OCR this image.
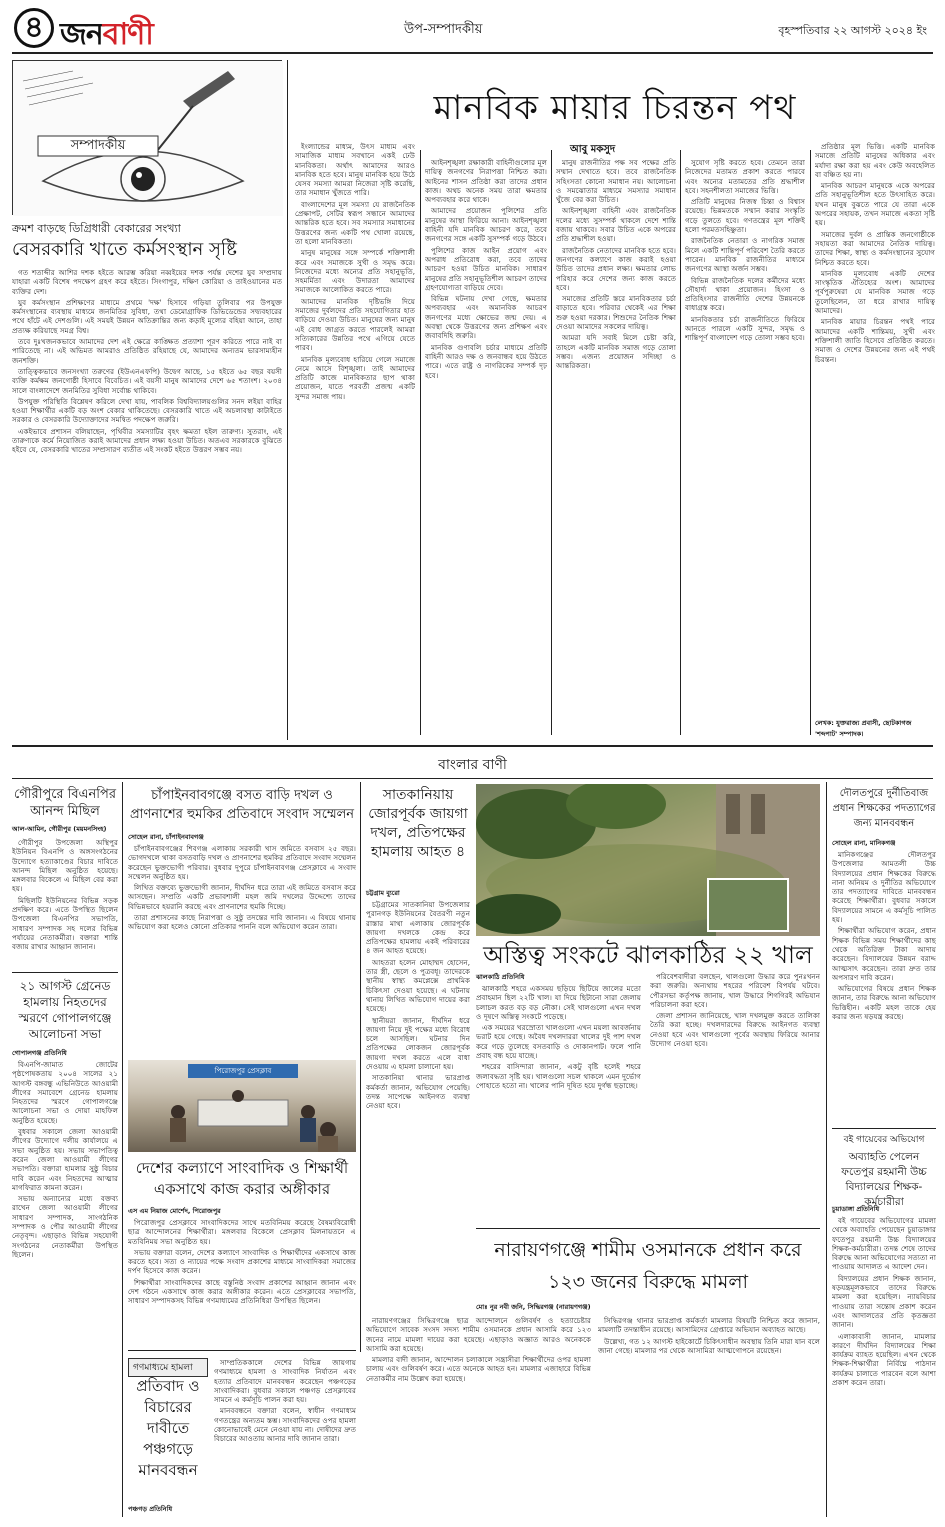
৪ জনবাণী	উপ-সম্পাদকীয়	বৃহস্পতিবার ২২ আগস্ট ২০২৪ ইং
সম্পাদকীয়
ক্রমশ বাড়ছে ডিগ্রিধারী বেকারের সংখ্যা
বেসরকারি খাতে কর্মসংস্থান সৃষ্টি

গত শতাব্দীর আশির দশক হইতে আরম্ভ করিয়া নব্বইয়ের দশক পর্যন্ত দেশের যুব সম্প্রদায় যাহারা একটি বিশেষ পদক্ষেপ গ্রহণ করে হইতে। সিংগাপুর, দক্ষিণ কোরিয়া ও তাইওয়ানের মত ব্যক্তির দেশ।

যুব কর্মসংস্থান প্রশিক্ষণের মাধ্যমে প্রথমে 'দক্ষ' হিসাবে গড়িয়া তুলিবার পর উপযুক্ত কর্মসংস্থানের ব্যবস্থায় মাধ্যমে জনমিতির সুবিধা, তথা ডেমোগ্রাফিক ডিভিডেন্ডের সদ্ব্যবহারের পথে হাঁটে এই দেশগুলি। এই সময়ই উন্নয়ন অতিক্রান্তির জন্য কড়াই মূল্যের বহিয়া আনে, তাহা প্রত্যক্ষ করিয়াছে সমগ্র বিশ্ব।

তবে দুঃখজনকভাবে আমাদের দেশ এই ক্ষেত্রে কাঙ্ক্ষিত প্রত্যাশা পূরণ করিতে পারে নাই বা পারিতেছে না। এই অভিমত আমরাও প্রতিষ্ঠিত রহিয়াছে যে, আমাদের অন্যতম ভারসাম্যহীন জনশক্তি।

তাত্ত্বিকভাবে জনসংখ্যা তরুণের (ইউএনএফপি) উদ্বেগ আছে, ১৫ হইতে ৬৫ বছর বয়সী ব্যক্তি কর্মক্ষম জনগোষ্ঠী হিসাবে বিবেচিত। এই বয়সী মানুষ আমাদের দেশে ৬৫ শতাংশ। ২০৩৪ সালে বাংলাদেশে জনমিতির সুবিধা সর্বোচ্চ থাকিবে।

উপযুক্ত পরিস্থিতি বিশ্লেষণ করিলে দেখা যায়, পাবলিক বিশ্ববিদ্যালয়গুলির সনদ লইয়া বাহির হওয়া শিক্ষার্থীর একটি বড় অংশ বেকার থাকিতেছে। বেসরকারি খাতে এই অচলাবস্থা কাটাইতে সরকার ও বেসরকারি উদ্যোক্তাদের সমন্বিত পদক্ষেপ জরুরি।

একইভাবে প্রশাসন বলিয়াছেন, পৃথিবীর সমস্যাটির বৃহৎ ক্ষমতা হইল তারুণ্য। সুতরাং, এই তারুণ্যকে কর্মে নিয়োজিত করাই আমাদের প্রধান লক্ষ্য হওয়া উচিত। অতএব সরকারকে বুঝিতে হইবে যে, বেসরকারি খাতের সম্প্রসারণ ব্যতীত এই সংকট হইতে উত্তরণ সম্ভব নয়।

মানবিক মায়ার চিরন্তন পথ
আবু মকসুদ

ইংল্যান্ডের মাধ্যম, উৎস মাধ্যম এবং সামাজিক মাধ্যম সবখানে একই ঢেউ মানবিকতা। অর্থাৎ আমাদের আরও মানবিক হতে হবে। মানুষ মানবিক হয়ে উঠে যেসব সমস্যা আমরা নিজেরা সৃষ্টি করেছি, তার সমাধান খুঁজতে পারি।

বাংলাদেশের মূল সমস্যা যে রাজনৈতিক প্রেক্ষাপট, সেটির স্বরূপ সন্ধানে আমাদের আন্তরিক হতে হবে। সব সমস্যার সমাধানের উত্তরণের জন্য একটি পথ খোলা রয়েছে, তা হলো মানবিকতা।

মানুষ মানুষের সঙ্গে সম্পর্কে শক্তিশালী করে এবং সমাজকে সুখী ও সমৃদ্ধ করে। নিজেদের মধ্যে অন্যের প্রতি সহানুভূতি, সহমর্মিতা এবং উদারতা আমাদের সমাজকে আলোকিত করতে পারে।

আমাদের মানবিক দৃষ্টিভঙ্গি দিয়ে সমাজের দুর্বলদের প্রতি সহযোগিতার হাত বাড়িয়ে দেওয়া উচিত। মানুষের জন্য মানুষ এই বোধ জাগ্রত করতে পারলেই আমরা সত্যিকারের উন্নতির পথে এগিয়ে যেতে পারব।

মানবিক মূল্যবোধ হারিয়ে গেলে সমাজে নেমে আসে বিশৃঙ্খলা। তাই আমাদের প্রতিটি কাজে মানবিকতার ছাপ থাকা প্রয়োজন, যাতে পরবর্তী প্রজন্ম একটি সুন্দর সমাজ পায়।

আইনশৃঙ্খলা রক্ষাকারী বাহিনীগুলোর মূল দায়িত্ব জনগণের নিরাপত্তা নিশ্চিত করা। আইনের শাসন প্রতিষ্ঠা করা তাদের প্রধান কাজ। অথচ অনেক সময় তারা ক্ষমতার অপব্যবহার করে থাকে।

আমাদের প্রয়োজন পুলিশের প্রতি মানুষের আস্থা ফিরিয়ে আনা। আইনশৃঙ্খলা বাহিনী যদি মানবিক আচরণ করে, তবে জনগণের সঙ্গে একটি সুসম্পর্ক গড়ে উঠবে।

পুলিশের কাজ আইন প্রয়োগ এবং অপরাধ প্রতিরোধ করা, তবে তাদের আচরণ হওয়া উচিত মানবিক। সাধারণ মানুষের প্রতি সহানুভূতিশীল আচরণ তাদের গ্রহণযোগ্যতা বাড়িয়ে দেবে।

বিভিন্ন ঘটনায় দেখা গেছে, ক্ষমতার অপব্যবহার এবং অমানবিক আচরণ জনগণের মধ্যে ক্ষোভের জন্ম দেয়। এ অবস্থা থেকে উত্তরণের জন্য প্রশিক্ষণ এবং জবাবদিহি জরুরি।

মানবিক গুণাবলি চর্চার মাধ্যমে প্রতিটি বাহিনী আরও দক্ষ ও জনবান্ধব হয়ে উঠতে পারে। এতে রাষ্ট্র ও নাগরিকের সম্পর্ক দৃঢ় হবে।

মানুষ রাজনীতির পক্ষ সব পক্ষের প্রতি সম্মান দেখাতে হবে। তবে রাজনৈতিক সহিংসতা কোনো সমাধান নয়। আলোচনা ও সমঝোতার মাধ্যমে সমস্যার সমাধান খুঁজে বের করা উচিত।

আইনশৃঙ্খলা বাহিনী এবং রাজনৈতিক দলের মধ্যে সুসম্পর্ক থাকলে দেশে শান্তি বজায় থাকবে। সবার উচিত একে অপরের প্রতি শ্রদ্ধাশীল হওয়া।

রাজনৈতিক নেতাদের মানবিক হতে হবে। জনগণের কল্যাণে কাজ করাই হওয়া উচিত তাদের প্রধান লক্ষ্য। ক্ষমতার লোভ পরিহার করে দেশের জন্য কাজ করতে হবে।

সমাজের প্রতিটি স্তরে মানবিকতার চর্চা বাড়াতে হবে। পরিবার থেকেই এর শিক্ষা শুরু হওয়া দরকার। শিশুদের নৈতিক শিক্ষা দেওয়া আমাদের সকলের দায়িত্ব।

আমরা যদি সবাই মিলে চেষ্টা করি, তাহলে একটি মানবিক সমাজ গড়ে তোলা সম্ভব। এজন্য প্রয়োজন সদিচ্ছা ও আন্তরিকতা।

সুযোগ সৃষ্টি করতে হবে। তেমনে তারা নিজেদের মতামত প্রকাশ করতে পারবে এবং অন্যের মতামতের প্রতি শ্রদ্ধাশীল হবে। সহনশীলতা সমাজের ভিত্তি।

প্রতিটি মানুষের নিজস্ব চিন্তা ও বিশ্বাস রয়েছে। ভিন্নমতকে সম্মান করার সংস্কৃতি গড়ে তুলতে হবে। গণতন্ত্রের মূল শক্তিই হলো পরমতসহিষ্ণুতা।

রাজনৈতিক নেতারা ও নাগরিক সমাজ মিলে একটি শান্তিপূর্ণ পরিবেশ তৈরি করতে পারেন। মানবিক রাজনীতির মাধ্যমে জনগণের আস্থা অর্জন সম্ভব।

বিভিন্ন রাজনৈতিক দলের কর্মীদের মধ্যে সৌহার্দ্য থাকা প্রয়োজন। হিংসা ও প্রতিহিংসার রাজনীতি দেশের উন্নয়নকে বাধাগ্রস্ত করে।

মানবিকতার চর্চা রাজনীতিতে ফিরিয়ে আনতে পারলে একটি সুন্দর, সমৃদ্ধ ও শান্তিপূর্ণ বাংলাদেশ গড়ে তোলা সম্ভব হবে।

প্রতিষ্ঠার মূল ভিত্তি। একটি মানবিক সমাজে প্রতিটি মানুষের অধিকার এবং মর্যাদা রক্ষা করা হয় এবং কেউ অবহেলিত বা বঞ্চিত হয় না।

মানবিক আচরণ মানুষকে একে অপরের প্রতি সহানুভূতিশীল হতে উৎসাহিত করে। যখন মানুষ বুঝতে পারে যে তারা একে অপরের সহায়ক, তখন সমাজে একতা সৃষ্টি হয়।

সমাজের দুর্বল ও প্রান্তিক জনগোষ্ঠীকে সহায়তা করা আমাদের নৈতিক দায়িত্ব। তাদের শিক্ষা, স্বাস্থ্য ও কর্মসংস্থানের সুযোগ নিশ্চিত করতে হবে।

মানবিক মূল্যবোধ একটি দেশের সাংস্কৃতিক ঐতিহ্যের অংশ। আমাদের পূর্বপুরুষেরা যে মানবিক সমাজ গড়ে তুলেছিলেন, তা ধরে রাখার দায়িত্ব আমাদের।

মানবিক মায়ার চিরন্তন পথই পারে আমাদের একটি শান্তিময়, সুখী এবং শক্তিশালী জাতি হিসেবে প্রতিষ্ঠিত করতে। সমাজ ও দেশের উন্নয়নের জন্য এই পথই চিরন্তন।

লেখক: যুক্তরাজ্য প্রবাসী, ছোটকাগজ 'শব্দপাট' সম্পাদক।
বাংলার বাণী
গৌরীপুরে বিএনপির আনন্দ মিছিল
আল-আমিন, গৌরীপুর (ময়মনসিংহ)

গৌরীপুর উপজেলা অস্থিপুর ইউনিয়ন বিএনপি ও অঙ্গসংগঠনের উদ্যোগে হত্যাকাণ্ডের বিচার দাবিতে আনন্দ মিছিল অনুষ্ঠিত হয়েছে। মঙ্গলবার বিকেলে এ মিছিল বের করা হয়।

মিছিলটি ইউনিয়নের বিভিন্ন সড়ক প্রদক্ষিণ করে। এতে উপস্থিত ছিলেন উপজেলা বিএনপির সভাপতি, সাধারণ সম্পাদক সহ দলের বিভিন্ন পর্যায়ের নেতাকর্মীরা। বক্তারা শান্তি বজায় রাখার আহ্বান জানান।

২১ আগস্ট গ্রেনেড হামলায় নিহতদের স্মরণে গোপালগঞ্জে আলোচনা সভা
গোপালগঞ্জ প্রতিনিধি

বিএনপি-জামাত জোটের পৃষ্ঠপোষকতায় ২০০৪ সালের ২১ আগস্ট বঙ্গবন্ধু এভিনিউতে আওয়ামী লীগের সমাবেশে গ্রেনেড হামলায় নিহতদের স্মরণে গোপালগঞ্জে আলোচনা সভা ও দোয়া মাহফিল অনুষ্ঠিত হয়েছে।

বুধবার সকালে জেলা আওয়ামী লীগের উদ্যোগে দলীয় কার্যালয়ে এ সভা অনুষ্ঠিত হয়। সভায় সভাপতিত্ব করেন জেলা আওয়ামী লীগের সভাপতি। বক্তারা হামলার সুষ্ঠু বিচার দাবি করেন এবং নিহতদের আত্মার মাগফিরাত কামনা করেন।

সভায় অন্যান্যের মধ্যে বক্তব্য রাখেন জেলা আওয়ামী লীগের সাধারণ সম্পাদক, সাংগঠনিক সম্পাদক ও পৌর আওয়ামী লীগের নেতৃবৃন্দ। এছাড়াও বিভিন্ন সহযোগী সংগঠনের নেতাকর্মীরা উপস্থিত ছিলেন।

চাঁপাইনবাবগঞ্জে বসত বাড়ি দখল ও প্রাণনাশের হুমকির প্রতিবাদে সংবাদ সম্মেলন
সোহেল রানা, চাঁপাইনবাবগঞ্জ

চাঁপাইনবাবগঞ্জের শিবগঞ্জ এলাকায় সরকারী খাস জমিতে বসবাস ২৫ বছর। ভোগদখলে থাকা বসতবাড়ি দখল ও প্রাণনাশের হুমকির প্রতিবাদে সংবাদ সম্মেলন করেছেন ভুক্তভোগী পরিবার। বুধবার দুপুরে চাঁপাইনবাবগঞ্জ প্রেসক্লাবে এ সংবাদ সম্মেলন অনুষ্ঠিত হয়।

লিখিত বক্তব্যে ভুক্তভোগী জানান, দীর্ঘদিন ধরে তারা এই জমিতে বসবাস করে আসছেন। সম্প্রতি একটি প্রভাবশালী মহল জমি দখলের উদ্দেশ্যে তাদের বিভিন্নভাবে হয়রানি করছে এবং প্রাণনাশের হুমকি দিচ্ছে।

তারা প্রশাসনের কাছে নিরাপত্তা ও সুষ্ঠু তদন্তের দাবি জানান। এ বিষয়ে থানায় অভিযোগ করা হলেও কোনো প্রতিকার পাননি বলে অভিযোগ করেন তারা।

পিরোজপুর প্রেসক্লাব
দেশের কল্যাণে সাংবাদিক ও শিক্ষার্থী একসাথে কাজ করার অঙ্গীকার
এস এম নিয়াজ মোর্শেদ, পিরোজপুর

পিরোজপুর প্রেসক্লাবে সাংবাদিকদের সাথে মতবিনিময় করেছে বৈষম্যবিরোধী ছাত্র আন্দোলনের শিক্ষার্থীরা। মঙ্গলবার বিকেলে প্রেসক্লাব মিলনায়তনে এ মতবিনিময় সভা অনুষ্ঠিত হয়।

সভায় বক্তারা বলেন, দেশের কল্যাণে সাংবাদিক ও শিক্ষার্থীদের একসাথে কাজ করতে হবে। সত্য ও ন্যায়ের পক্ষে সংবাদ প্রকাশের মাধ্যমে সাংবাদিকরা সমাজের দর্পণ হিসেবে কাজ করেন।

শিক্ষার্থীরা সাংবাদিকদের কাছে বস্তুনিষ্ঠ সংবাদ প্রকাশের আহ্বান জানান এবং দেশ গঠনে একসাথে কাজ করার অঙ্গীকার করেন। এতে প্রেসক্লাবের সভাপতি, সাধারণ সম্পাদকসহ বিভিন্ন গণমাধ্যমের প্রতিনিধিরা উপস্থিত ছিলেন।

গণমাধ্যমে হামলা
প্রতিবাদ ও বিচারের দাবীতে পঞ্চগড়ে মানববন্ধন

সাম্প্রতিককালে দেশের বিভিন্ন জায়গায় গণমাধ্যমে হামলা ও সাংবাদিক নির্যাতন এবং হত্যার প্রতিবাদে মানববন্ধন করেছেন পঞ্চগড়ের সাংবাদিকরা। বুধবার সকালে পঞ্চগড় প্রেসক্লাবের সামনে এ কর্মসূচি পালন করা হয়।

মানববন্ধনে বক্তারা বলেন, স্বাধীন গণমাধ্যম গণতন্ত্রের অন্যতম স্তম্ভ। সাংবাদিকদের ওপর হামলা কোনোভাবেই মেনে নেওয়া যায় না। দোষীদের দ্রুত বিচারের আওতায় আনার দাবি জানান তারা।

পঞ্চগড় প্রতিনিধি
সাতকানিয়ায় জোরপূর্বক জায়গা দখল, প্রতিপক্ষের হামলায় আহত ৪
চট্টগ্রাম ব্যুরো

চট্টগ্রামের সাতকানিয়া উপজেলার পুরানগড় ইউনিয়নের বৈতরণী নতুন রাস্তার মাথা এলাকায় জোরপূর্বক জায়গা দখলকে কেন্দ্র করে প্রতিপক্ষের হামলায় একই পরিবারের ৪ জন আহত হয়েছে।

আহতরা হলেন মোহাম্মদ হোসেন, তার স্ত্রী, ছেলে ও পুত্রবধূ। তাদেরকে স্থানীয় স্বাস্থ্য কমপ্লেক্সে প্রাথমিক চিকিৎসা দেওয়া হয়েছে। এ ঘটনায় থানায় লিখিত অভিযোগ দায়ের করা হয়েছে।

স্থানীয়রা জানান, দীর্ঘদিন ধরে জায়গা নিয়ে দুই পক্ষের মধ্যে বিরোধ চলে আসছিল। ঘটনার দিন প্রতিপক্ষের লোকজন জোরপূর্বক জায়গা দখল করতে এলে বাধা দেওয়ায় এ হামলা চালানো হয়।

সাতকানিয়া থানার ভারপ্রাপ্ত কর্মকর্তা জানান, অভিযোগ পেয়েছি। তদন্ত সাপেক্ষে আইনগত ব্যবস্থা নেওয়া হবে।

অস্তিত্ব সংকটে ঝালকাঠির ২২ খাল
ঝালকাঠি প্রতিনিধি

ঝালকাঠি শহরে একসময় ছড়িয়ে ছিটিয়ে জালের মতো প্রবাহমান ছিল ২২টি খাল। যা দিয়ে ছিটানো সারা জেলায় চলাচল করত বড় বড় নৌকা। সেই খালগুলো এখন দখল ও দূষণে অস্তিত্ব সংকটে পড়েছে।

এক সময়ের খরস্রোতা খালগুলো এখন ময়লা আবর্জনায় ভরাট হয়ে গেছে। অবৈধ দখলদাররা খালের দুই পাশ দখল করে গড়ে তুলেছে বসতবাড়ি ও দোকানপাট। ফলে পানি প্রবাহ বন্ধ হয়ে যাচ্ছে।

শহরের বাসিন্দারা জানান, একটু বৃষ্টি হলেই শহরে জলাবদ্ধতা সৃষ্টি হয়। খালগুলো সচল থাকলে এমন দুর্ভোগ পোহাতে হতো না। খালের পানি দূষিত হয়ে দুর্গন্ধ ছড়াচ্ছে।

পরিবেশবাদীরা বলছেন, খালগুলো উদ্ধার করে পুনঃখনন করা জরুরি। অন্যথায় শহরের পরিবেশ বিপর্যয় ঘটবে। পৌরসভা কর্তৃপক্ষ জানায়, খাল উদ্ধারে শিগগিরই অভিযান পরিচালনা করা হবে।

জেলা প্রশাসন জানিয়েছে, খাল দখলমুক্ত করতে তালিকা তৈরি করা হচ্ছে। দখলদারদের বিরুদ্ধে আইনগত ব্যবস্থা নেওয়া হবে এবং খালগুলো পূর্বের অবস্থায় ফিরিয়ে আনার উদ্যোগ নেওয়া হবে।

নারায়ণগঞ্জে শামীম ওসমানকে প্রধান করে ১২৩ জনের বিরুদ্ধে মামলা
মোঃ নুর নবী জনি, সিদ্ধিরগঞ্জ (নারায়ণগঞ্জ)

নারায়ণগঞ্জের সিদ্ধিরগঞ্জে ছাত্র আন্দোলনে গুলিবর্ষণ ও হত্যাচেষ্টার অভিযোগে সাবেক সংসদ সদস্য শামীম ওসমানকে প্রধান আসামি করে ১২৩ জনের নামে মামলা দায়ের করা হয়েছে। এছাড়াও অজ্ঞাত আরও অনেককে আসামি করা হয়েছে।

মামলার বাদী জানান, আন্দোলন চলাকালে সন্ত্রাসীরা শিক্ষার্থীদের ওপর হামলা চালায় এবং গুলিবর্ষণ করে। এতে অনেকে আহত হন। মামলার এজাহারে বিভিন্ন নেতাকর্মীর নাম উল্লেখ করা হয়েছে।

সিদ্ধিরগঞ্জ থানার ভারপ্রাপ্ত কর্মকর্তা মামলার বিষয়টি নিশ্চিত করে জানান, মামলাটি তদন্তাধীন রয়েছে। আসামিদের গ্রেপ্তারে অভিযান অব্যাহত আছে।

উল্লেখ্য, গত ১২ আগস্ট হাইকোর্টে চিকিৎসাধীন অবস্থায় তিনি মারা যান বলে জানা গেছে। মামলার পর থেকে আসামিরা আত্মগোপনে রয়েছেন।

দৌলতপুরে দুর্নীতিবাজ প্রধান শিক্ষকের পদত্যাগের জন্য মানববন্ধন
সোহেল রানা, মানিকগঞ্জ

মানিকগঞ্জের দৌলতপুর উপজেলার আমতলী উচ্চ বিদ্যালয়ের প্রধান শিক্ষকের বিরুদ্ধে নানা অনিয়ম ও দুর্নীতির অভিযোগে তার পদত্যাগের দাবিতে মানববন্ধন করেছে শিক্ষার্থীরা। বুধবার সকালে বিদ্যালয়ের সামনে এ কর্মসূচি পালিত হয়।

শিক্ষার্থীরা অভিযোগ করেন, প্রধান শিক্ষক বিভিন্ন সময় শিক্ষার্থীদের কাছ থেকে অতিরিক্ত টাকা আদায় করেছেন। বিদ্যালয়ের উন্নয়ন বরাদ্দ আত্মসাৎ করেছেন। তারা দ্রুত তার অপসারণ দাবি করেন।

অভিযোগের বিষয়ে প্রধান শিক্ষক জানান, তার বিরুদ্ধে আনা অভিযোগ ভিত্তিহীন। একটি মহল তাকে হেয় করার জন্য ষড়যন্ত্র করছে।

বই গায়েবের অভিযোগ
অব্যাহতি পেলেন ফতেপুর রহমানী উচ্চ বিদ্যালয়ের শিক্ষক-কর্মচারীরা
চুয়াডাঙ্গা প্রতিনিধি

বই গায়েবের অভিযোগের মামলা থেকে অব্যাহতি পেয়েছেন চুয়াডাঙ্গার ফতেপুর রহমানী উচ্চ বিদ্যালয়ের শিক্ষক-কর্মচারীরা। তদন্ত শেষে তাদের বিরুদ্ধে আনা অভিযোগের সত্যতা না পাওয়ায় আদালত এ আদেশ দেন।

বিদ্যালয়ের প্রধান শিক্ষক জানান, ষড়যন্ত্রমূলকভাবে তাদের বিরুদ্ধে মামলা করা হয়েছিল। ন্যায়বিচার পাওয়ায় তারা সন্তোষ প্রকাশ করেন এবং আদালতের প্রতি কৃতজ্ঞতা জানান।

এলাকাবাসী জানান, মামলার কারণে দীর্ঘদিন বিদ্যালয়ের শিক্ষা কার্যক্রম ব্যাহত হয়েছিল। এখন থেকে শিক্ষক-শিক্ষার্থীরা নির্বিঘ্নে পাঠদান কার্যক্রম চালাতে পারবেন বলে আশা প্রকাশ করেন তারা।
